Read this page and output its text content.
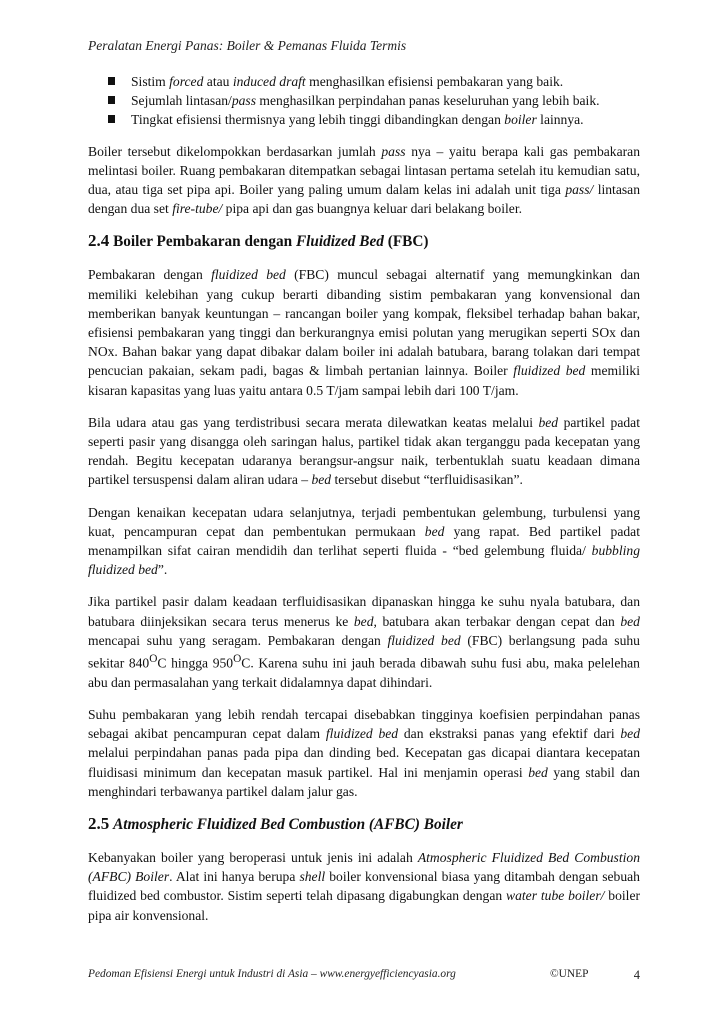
Peralatan Energi Panas: Boiler & Pemanas Fluida Termis
Sistim forced atau induced draft menghasilkan efisiensi pembakaran yang baik.
Sejumlah lintasan/pass menghasilkan perpindahan panas keseluruhan yang lebih baik.
Tingkat efisiensi thermisnya yang lebih tinggi dibandingkan dengan boiler lainnya.

Boiler tersebut dikelompokkan berdasarkan jumlah pass nya – yaitu berapa kali gas pembakaran melintasi boiler. Ruang pembakaran ditempatkan sebagai lintasan pertama setelah itu kemudian satu, dua, atau tiga set pipa api. Boiler yang paling umum dalam kelas ini adalah unit tiga pass/ lintasan dengan dua set fire-tube/ pipa api dan gas buangnya keluar dari belakang boiler.

2.4 Boiler Pembakaran dengan Fluidized Bed (FBC)

Pembakaran dengan fluidized bed (FBC) muncul sebagai alternatif yang memungkinkan dan memiliki kelebihan yang cukup berarti dibanding sistim pembakaran yang konvensional dan memberikan banyak keuntungan – rancangan boiler yang kompak, fleksibel terhadap bahan bakar, efisiensi pembakaran yang tinggi dan berkurangnya emisi polutan yang merugikan seperti SOx dan NOx. Bahan bakar yang dapat dibakar dalam boiler ini adalah batubara, barang tolakan dari tempat pencucian pakaian, sekam padi, bagas & limbah pertanian lainnya. Boiler fluidized bed memiliki kisaran kapasitas yang luas yaitu antara 0.5 T/jam sampai lebih dari 100 T/jam.

Bila udara atau gas yang terdistribusi secara merata dilewatkan keatas melalui bed partikel padat seperti pasir yang disangga oleh saringan halus, partikel tidak akan terganggu pada kecepatan yang rendah. Begitu kecepatan udaranya berangsur-angsur naik, terbentuklah suatu keadaan dimana partikel tersuspensi dalam aliran udara – bed tersebut disebut “terfluidisasikan”.

Dengan kenaikan kecepatan udara selanjutnya, terjadi pembentukan gelembung, turbulensi yang kuat, pencampuran cepat dan pembentukan permukaan bed yang rapat. Bed partikel padat menampilkan sifat cairan mendidih dan terlihat seperti fluida - “bed gelembung fluida/ bubbling fluidized bed”.

Jika partikel pasir dalam keadaan terfluidisasikan dipanaskan hingga ke suhu nyala batubara, dan batubara diinjeksikan secara terus menerus ke bed, batubara akan terbakar dengan cepat dan bed mencapai suhu yang seragam. Pembakaran dengan fluidized bed (FBC) berlangsung pada suhu sekitar $840^OC$ hingga $950^OC$. Karena suhu ini jauh berada dibawah suhu fusi abu, maka pelelehan abu dan permasalahan yang terkait didalamnya dapat dihindari.

Suhu pembakaran yang lebih rendah tercapai disebabkan tingginya koefisien perpindahan panas sebagai akibat pencampuran cepat dalam fluidized bed dan ekstraksi panas yang efektif dari bed melalui perpindahan panas pada pipa dan dinding bed. Kecepatan gas dicapai diantara kecepatan fluidisasi minimum dan kecepatan masuk partikel. Hal ini menjamin operasi bed yang stabil dan menghindari terbawanya partikel dalam jalur gas.

2.5 Atmospheric Fluidized Bed Combustion (AFBC) Boiler

Kebanyakan boiler yang beroperasi untuk jenis ini adalah Atmospheric Fluidized Bed Combustion (AFBC) Boiler. Alat ini hanya berupa shell boiler konvensional biasa yang ditambah dengan sebuah fluidized bed combustor. Sistim seperti telah dipasang digabungkan dengan water tube boiler/ boiler pipa air konvensional.

Pedoman Efisiensi Energi untuk Industri di Asia – www.energyefficiencyasia.org	©UNEP	4
